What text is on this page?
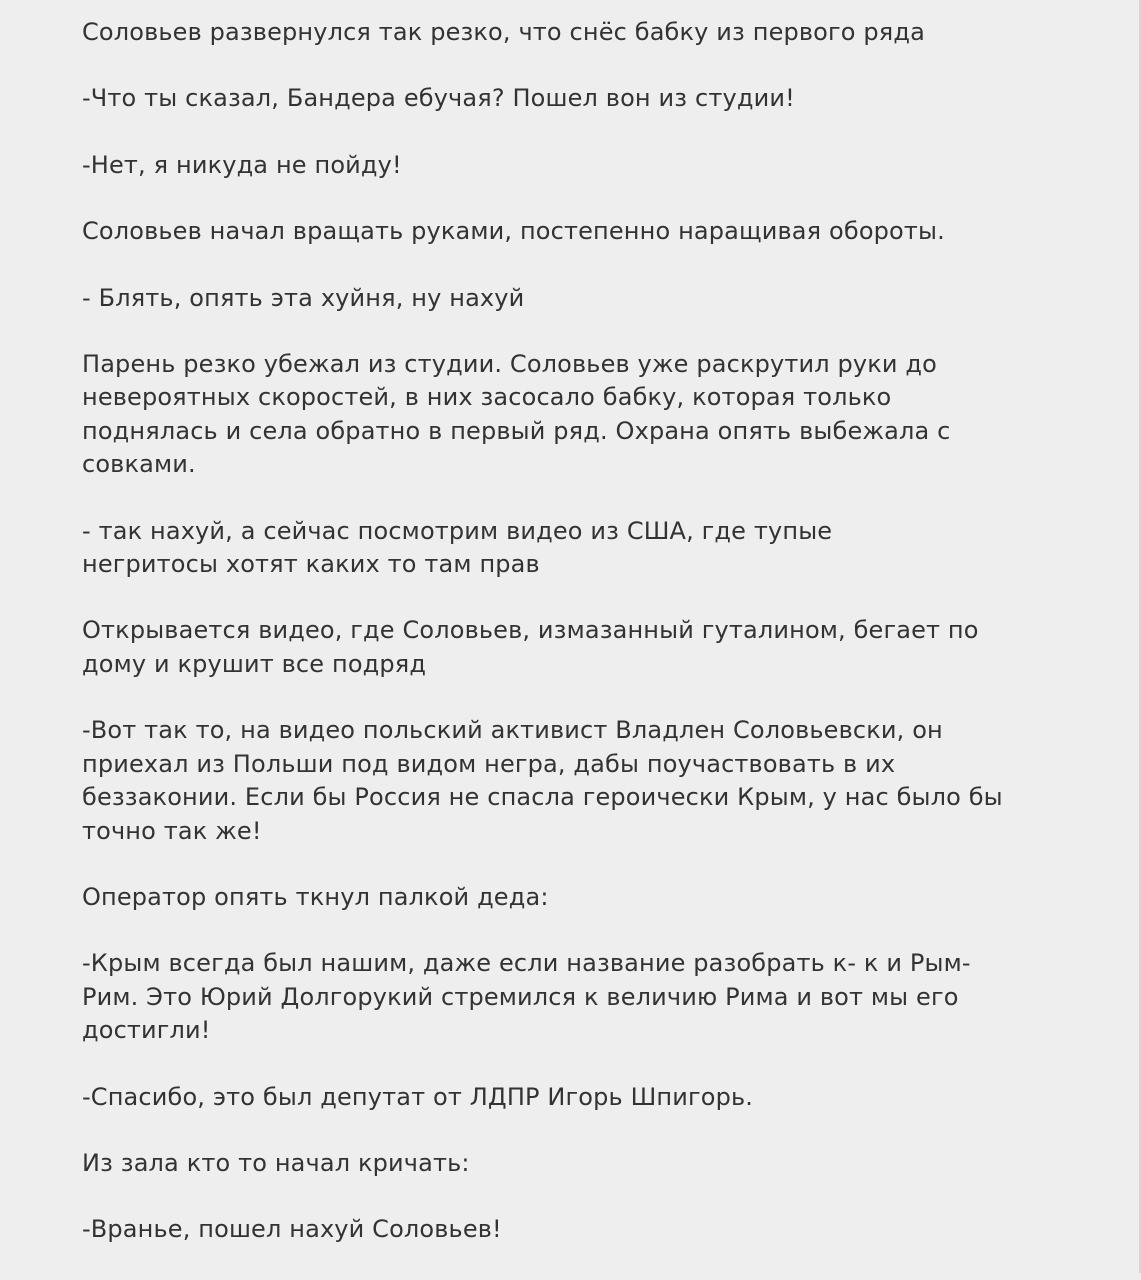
Соловьев развернулся так резко, что снёс бабку из первого ряда

-Что ты сказал, Бандера ебучая? Пошел вон из студии!

-Нет, я никуда не пойду!

Соловьев начал вращать руками, постепенно наращивая обороты.

- Блять, опять эта хуйня, ну нахуй

Парень резко убежал из студии. Соловьев уже раскрутил руки до невероятных скоростей, в них засосало бабку, которая только поднялась и села обратно в первый ряд. Охрана опять выбежала с совками.

- так нахуй, а сейчас посмотрим видео из США, где тупые негритосы хотят каких то там прав

Открывается видео, где Соловьев, измазанный гуталином, бегает по дому и крушит все подряд

-Вот так то, на видео польский активист Владлен Соловьевски, он приехал из Польши под видом негра, дабы поучаствовать в их беззаконии. Если бы Россия не спасла героически Крым, у нас было бы точно так же!

Оператор опять ткнул палкой деда:

-Крым всегда был нашим, даже если название разобрать к- к и Рым- Рим. Это Юрий Долгорукий стремился к величию Рима и вот мы его достигли!

-Спасибо, это был депутат от ЛДПР Игорь Шпигорь.

Из зала кто то начал кричать:

-Вранье, пошел нахуй Соловьев!
